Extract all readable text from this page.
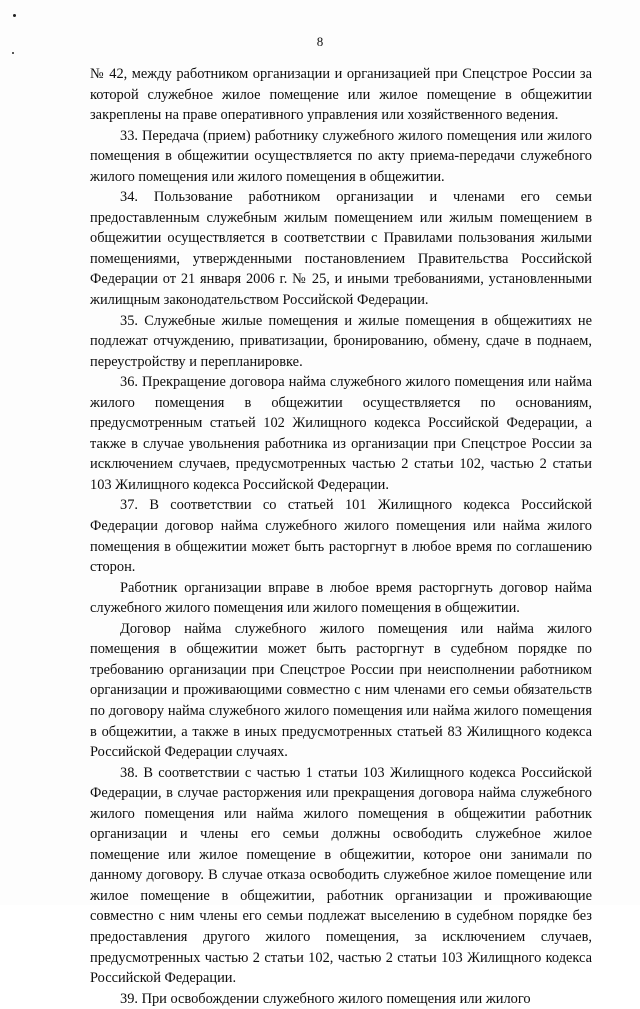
8

№ 42, между работником организации и организацией при Спецстрое России за которой служебное жилое помещение или жилое помещение в общежитии закреплены на праве оперативного управления или хозяйственного ведения.

33. Передача (прием) работнику служебного жилого помещения или жилого помещения в общежитии осуществляется по акту приема-передачи служебного жилого помещения или жилого помещения в общежитии.

34. Пользование работником организации и членами его семьи предоставленным служебным жилым помещением или жилым помещением в общежитии осуществляется в соответствии с Правилами пользования жилыми помещениями, утвержденными постановлением Правительства Российской Федерации от 21 января 2006 г. № 25, и иными требованиями, установленными жилищным законодательством Российской Федерации.

35. Служебные жилые помещения и жилые помещения в общежитиях не подлежат отчуждению, приватизации, бронированию, обмену, сдаче в поднаем, переустройству и перепланировке.

36. Прекращение договора найма служебного жилого помещения или найма жилого помещения в общежитии осуществляется по основаниям, предусмотренным статьей 102 Жилищного кодекса Российской Федерации, а также в случае увольнения работника из организации при Спецстрое России за исключением случаев, предусмотренных частью 2 статьи 102, частью 2 статьи 103 Жилищного кодекса Российской Федерации.

37. В соответствии со статьей 101 Жилищного кодекса Российской Федерации договор найма служебного жилого помещения или найма жилого помещения в общежитии может быть расторгнут в любое время по соглашению сторон.

Работник организации вправе в любое время расторгнуть договор найма служебного жилого помещения или жилого помещения в общежитии.

Договор найма служебного жилого помещения или найма жилого помещения в общежитии может быть расторгнут в судебном порядке по требованию организации при Спецстрое России при неисполнении работником организации и проживающими совместно с ним членами его семьи обязательств по договору найма служебного жилого помещения или найма жилого помещения в общежитии, а также в иных предусмотренных статьей 83 Жилищного кодекса Российской Федерации случаях.

38. В соответствии с частью 1 статьи 103 Жилищного кодекса Российской Федерации, в случае расторжения или прекращения договора найма служебного жилого помещения или найма жилого помещения в общежитии работник организации и члены его семьи должны освободить служебное жилое помещение или жилое помещение в общежитии, которое они занимали по данному договору. В случае отказа освободить служебное жилое помещение или жилое помещение в общежитии, работник организации и проживающие совместно с ним члены его семьи подлежат выселению в судебном порядке без предоставления другого жилого помещения, за исключением случаев, предусмотренных частью 2 статьи 102, частью 2 статьи 103 Жилищного кодекса Российской Федерации.

39. При освобождении служебного жилого помещения или жилого
